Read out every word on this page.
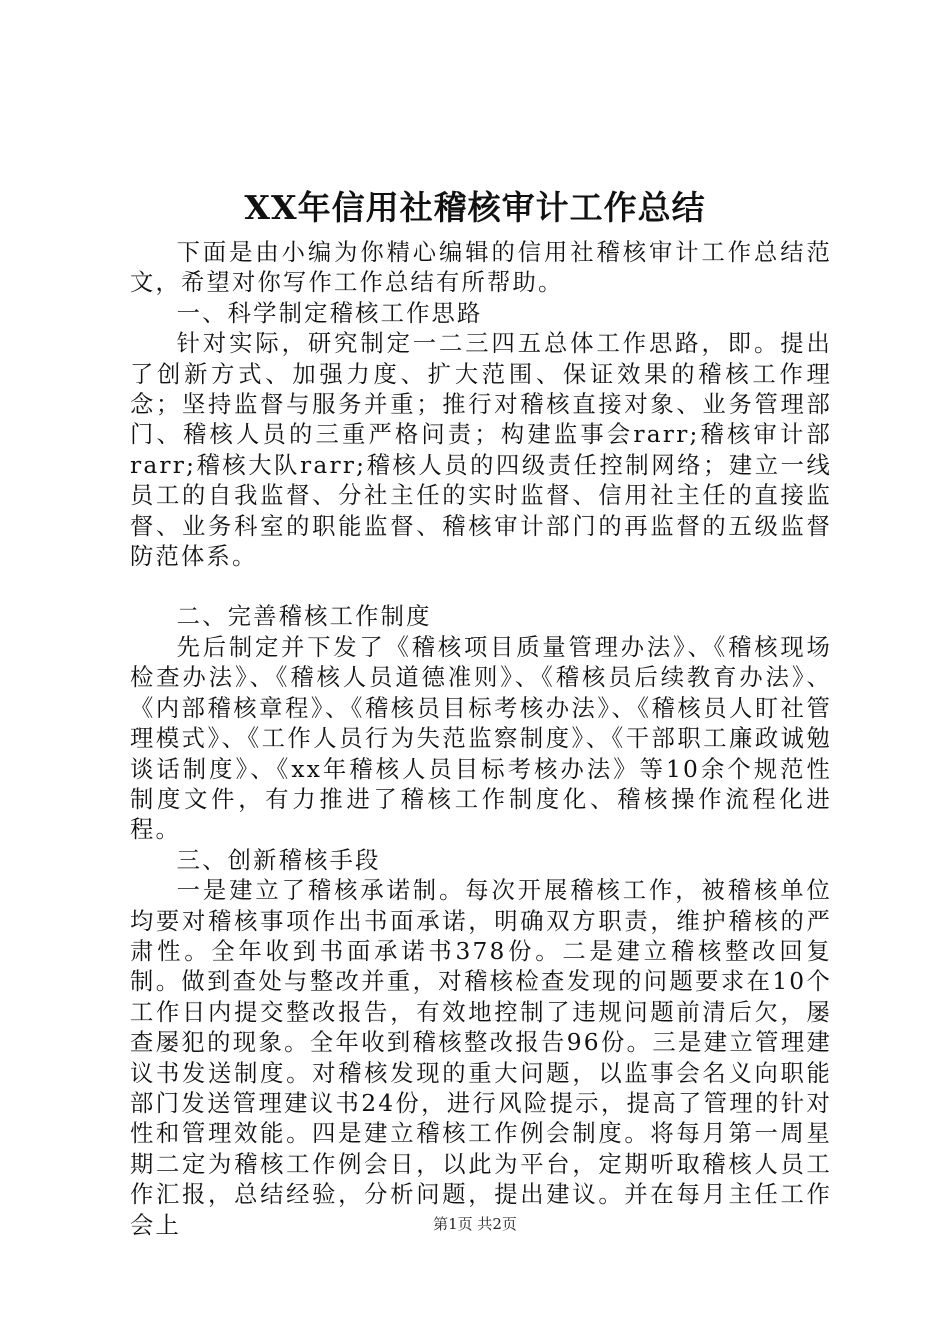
XX年信用社稽核审计工作总结

下面是由小编为你精心编辑的信用社稽核审计工作总结范文，希望对你写作工作总结有所帮助。

一、科学制定稽核工作思路

针对实际，研究制定一二三四五总体工作思路，即。提出了创新方式、加强力度、扩大范围、保证效果的稽核工作理念；坚持监督与服务并重；推行对稽核直接对象、业务管理部门、稽核人员的三重严格问责；构建监事会rarr;稽核审计部rarr;稽核大队rarr;稽核人员的四级责任控制网络；建立一线员工的自我监督、分社主任的实时监督、信用社主任的直接监督、业务科室的职能监督、稽核审计部门的再监督的五级监督防范体系。

二、完善稽核工作制度

先后制定并下发了《稽核项目质量管理办法》、《稽核现场检查办法》、《稽核人员道德准则》、《稽核员后续教育办法》、《内部稽核章程》、《稽核员目标考核办法》、《稽核员人盯社管理模式》、《工作人员行为失范监察制度》、《干部职工廉政诚勉谈话制度》、《xx年稽核人员目标考核办法》等10余个规范性制度文件，有力推进了稽核工作制度化、稽核操作流程化进程。

三、创新稽核手段

一是建立了稽核承诺制。每次开展稽核工作，被稽核单位均要对稽核事项作出书面承诺，明确双方职责，维护稽核的严肃性。全年收到书面承诺书378份。二是建立稽核整改回复制。做到查处与整改并重，对稽核检查发现的问题要求在10个工作日内提交整改报告，有效地控制了违规问题前清后欠，屡查屡犯的现象。全年收到稽核整改报告96份。三是建立管理建议书发送制度。对稽核发现的重大问题，以监事会名义向职能部门发送管理建议书24份，进行风险提示，提高了管理的针对性和管理效能。四是建立稽核工作例会制度。将每月第一周星期二定为稽核工作例会日，以此为平台，定期听取稽核人员工作汇报，总结经验，分析问题，提出建议。并在每月主任工作会上	第1页 共2页
